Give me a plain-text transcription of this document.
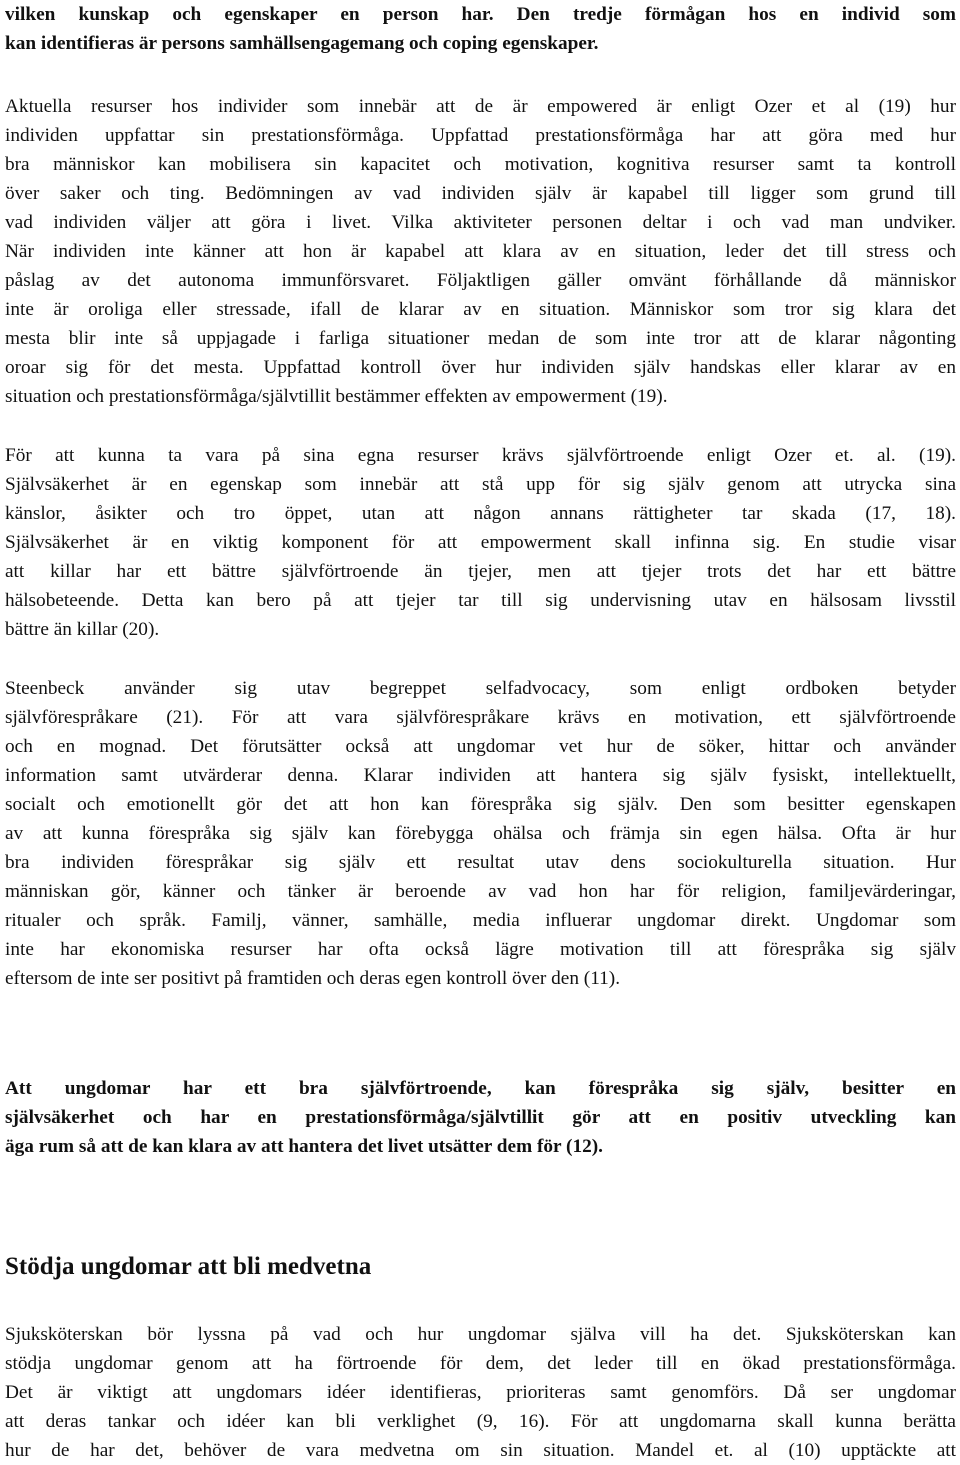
vilken kunskap och egenskaper en person har. Den tredje förmågan hos en individ som
kan identifieras är persons samhällsengagemang och coping egenskaper.
Aktuella resurser hos individer som innebär att de är empowered är enligt Ozer et al (19) hur
individen uppfattar sin prestationsförmåga. Uppfattad prestationsförmåga har att göra med hur
bra människor kan mobilisera sin kapacitet och motivation, kognitiva resurser samt ta kontroll
över saker och ting. Bedömningen av vad individen själv är kapabel till ligger som grund till
vad individen väljer att göra i livet. Vilka aktiviteter personen deltar i och vad man undviker.
När individen inte känner att hon är kapabel att klara av en situation, leder det till stress och
påslag av det autonoma immunförsvaret. Följaktligen gäller omvänt förhållande då människor
inte är oroliga eller stressade, ifall de klarar av en situation. Människor som tror sig klara det
mesta blir inte så uppjagade i farliga situationer medan de som inte tror att de klarar någonting
oroar sig för det mesta. Uppfattad kontroll över hur individen själv handskas eller klarar av en
situation och prestationsförmåga/självtillit bestämmer effekten av empowerment (19).
För att kunna ta vara på sina egna resurser krävs självförtroende enligt Ozer et. al. (19).
Självsäkerhet är en egenskap som innebär att stå upp för sig själv genom att utrycka sina
känslor, åsikter och tro öppet, utan att någon annans rättigheter tar skada (17, 18).
Självsäkerhet är en viktig komponent för att empowerment skall infinna sig. En studie visar
att killar har ett bättre självförtroende än tjejer, men att tjejer trots det har ett bättre
hälsobeteende. Detta kan bero på att tjejer tar till sig undervisning utav en hälsosam livsstil
bättre än killar (20).
Steenbeck använder sig utav begreppet selfadvocacy, som enligt ordboken betyder
självförespråkare (21). För att vara självförespråkare krävs en motivation, ett självförtroende
och en mognad. Det förutsätter också att ungdomar vet hur de söker, hittar och använder
information samt utvärderar denna. Klarar individen att hantera sig själv fysiskt, intellektuellt,
socialt och emotionellt gör det att hon kan förespråka sig själv. Den som besitter egenskapen
av att kunna förespråka sig själv kan förebygga ohälsa och främja sin egen hälsa. Ofta är hur
bra individen förespråkar sig själv ett resultat utav dens sociokulturella situation. Hur
människan gör, känner och tänker är beroende av vad hon har för religion, familjevärderingar,
ritualer och språk. Familj, vänner, samhälle, media influerar ungdomar direkt. Ungdomar som
inte har ekonomiska resurser har ofta också lägre motivation till att förespråka sig själv
eftersom de inte ser positivt på framtiden och deras egen kontroll över den (11).
Att ungdomar har ett bra självförtroende, kan förespråka sig själv, besitter en
självsäkerhet och har en prestationsförmåga/självtillit gör att en positiv utveckling kan
äga rum så att de kan klara av att hantera det livet utsätter dem för (12).
Stödja ungdomar att bli medvetna
Sjuksköterskan bör lyssna på vad och hur ungdomar själva vill ha det. Sjuksköterskan kan
stödja ungdomar genom att ha förtroende för dem, det leder till en ökad prestationsförmåga.
Det är viktigt att ungdomars idéer identifieras, prioriteras samt genomförs. Då ser ungdomar
att deras tankar och idéer kan bli verklighet (9, 16). För att ungdomarna skall kunna berätta
hur de har det, behöver de vara medvetna om sin situation. Mandel et. al (10) upptäckte att
